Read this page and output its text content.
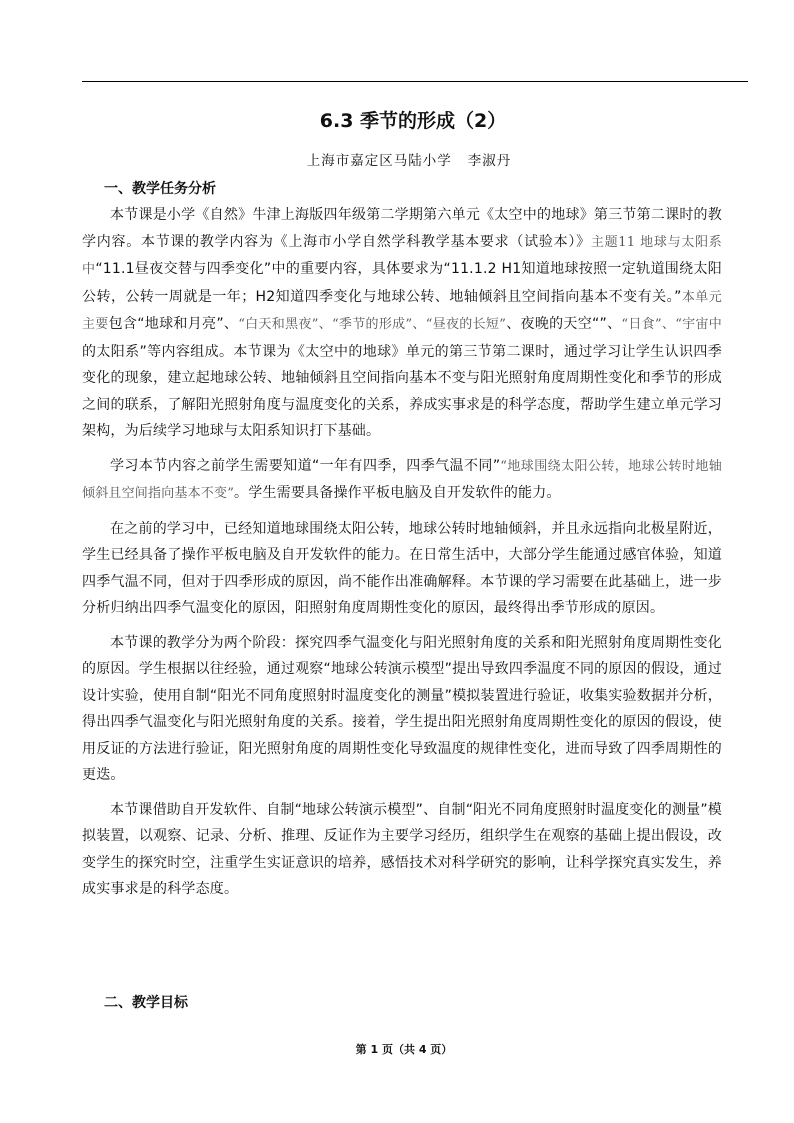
6.3 季节的形成（2）
上海市嘉定区马陆小学 李淑丹
一、教学任务分析

本节课是小学《自然》牛津上海版四年级第二学期第六单元《太空中的地球》第三节第二课时的教学内容。本节课的教学内容为《上海市小学自然学科教学基本要求（试验本）》主题11 地球与太阳系中“11.1昼夜交替与四季变化”中的重要内容，具体要求为“11.1.2 H1知道地球按照一定轨道围绕太阳公转，公转一周就是一年；H2知道四季变化与地球公转、地轴倾斜且空间指向基本不变有关。”本单元主要包含“地球和月亮”、“白天和黑夜”、“季节的形成”、“昼夜的长短”、夜晚的天空“”、“日食”、“宇宙中的太阳系”等内容组成。本节课为《太空中的地球》单元的第三节第二课时，通过学习让学生认识四季变化的现象，建立起地球公转、地轴倾斜且空间指向基本不变与阳光照射角度周期性变化和季节的形成之间的联系，了解阳光照射角度与温度变化的关系，养成实事求是的科学态度，帮助学生建立单元学习架构，为后续学习地球与太阳系知识打下基础。

学习本节内容之前学生需要知道“一年有四季，四季气温不同”“地球围绕太阳公转，地球公转时地轴倾斜且空间指向基本不变”。学生需要具备操作平板电脑及自开发软件的能力。

在之前的学习中，已经知道地球围绕太阳公转，地球公转时地轴倾斜，并且永远指向北极星附近，学生已经具备了操作平板电脑及自开发软件的能力。在日常生活中，大部分学生能通过感官体验，知道四季气温不同，但对于四季形成的原因，尚不能作出准确解释。本节课的学习需要在此基础上，进一步分析归纳出四季气温变化的原因，阳照射角度周期性变化的原因，最终得出季节形成的原因。

本节课的教学分为两个阶段：探究四季气温变化与阳光照射角度的关系和阳光照射角度周期性变化的原因。学生根据以往经验，通过观察“地球公转演示模型”提出导致四季温度不同的原因的假设，通过设计实验，使用自制“阳光不同角度照射时温度变化的测量”模拟装置进行验证，收集实验数据并分析，得出四季气温变化与阳光照射角度的关系。接着，学生提出阳光照射角度周期性变化的原因的假设，使用反证的方法进行验证，阳光照射角度的周期性变化导致温度的规律性变化，进而导致了四季周期性的更迭。

本节课借助自开发软件、自制“地球公转演示模型”、自制“阳光不同角度照射时温度变化的测量”模拟装置，以观察、记录、分析、推理、反证作为主要学习经历，组织学生在观察的基础上提出假设，改变学生的探究时空，注重学生实证意识的培养，感悟技术对科学研究的影响，让科学探究真实发生，养成实事求是的科学态度。

二、教学目标
第 1 页（共 4 页）
